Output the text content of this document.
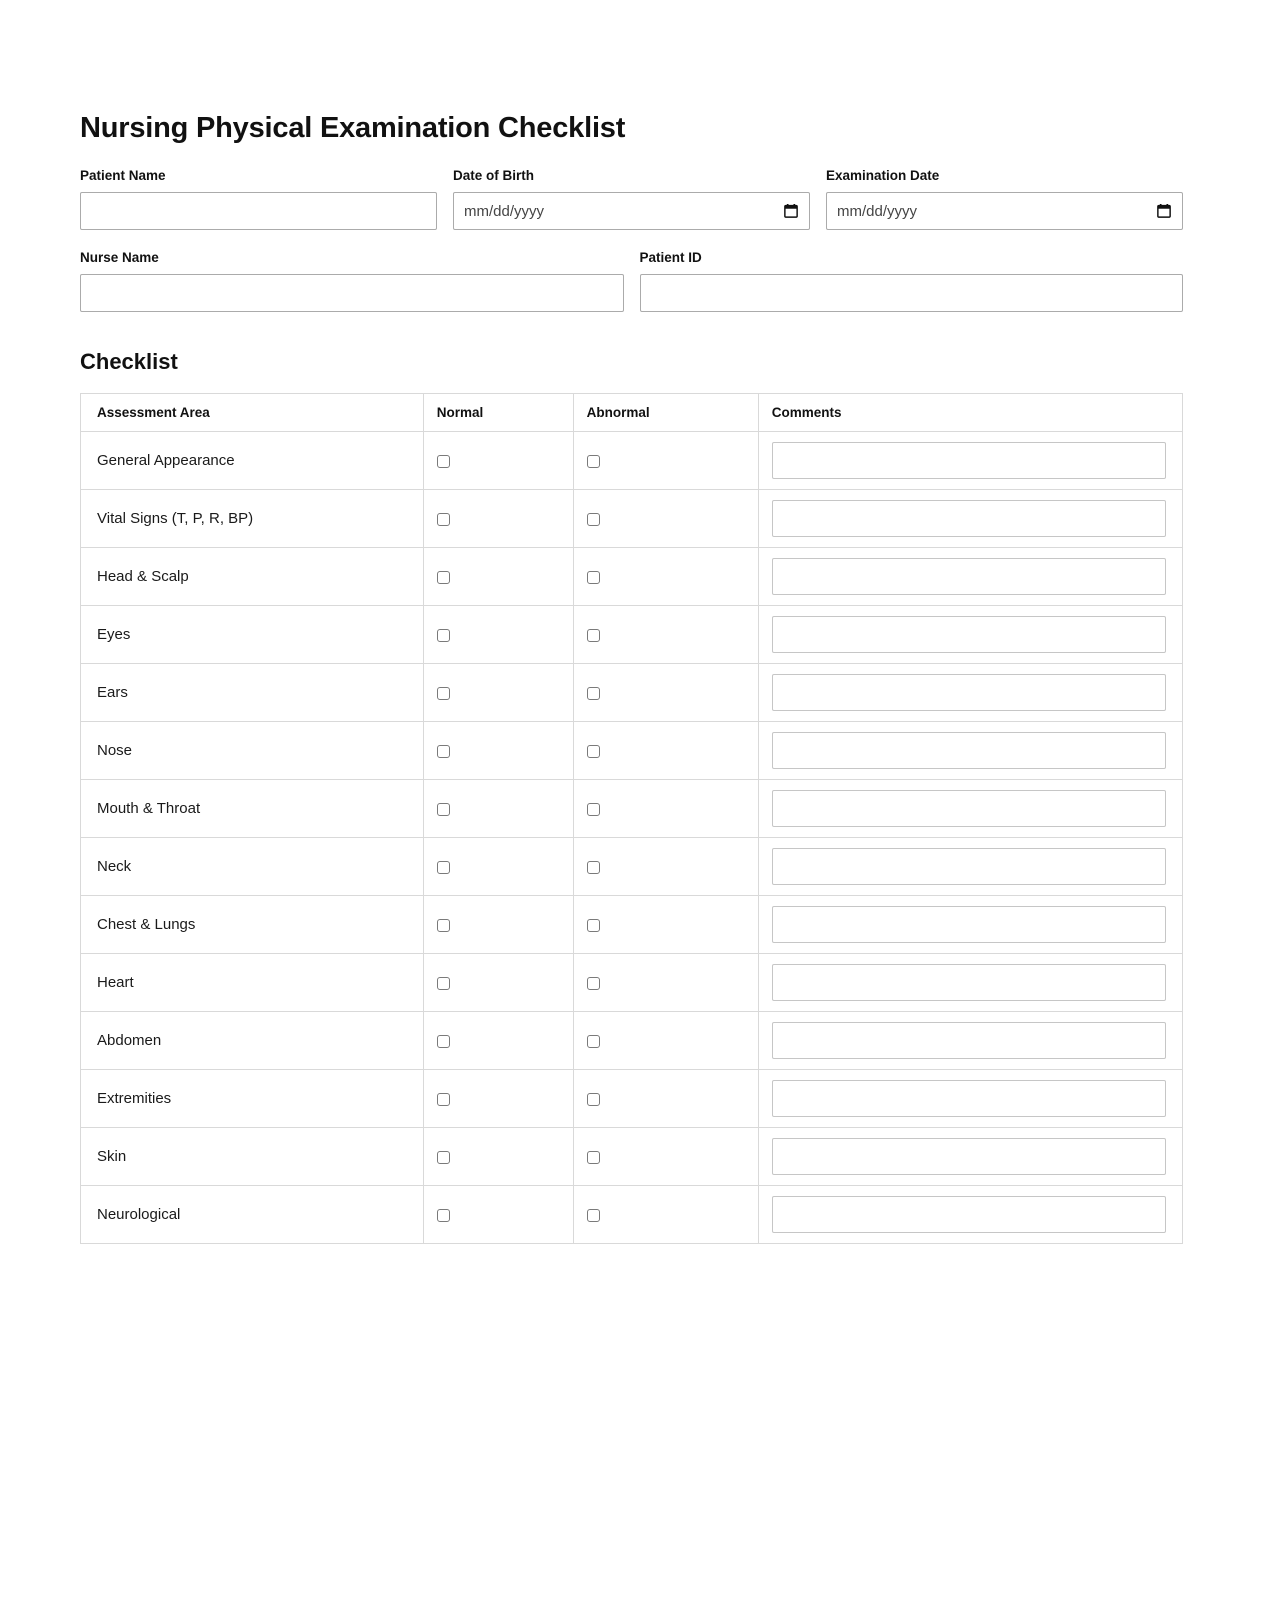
Nursing Physical Examination Checklist
Patient Name	Date of Birth
mm/dd/yyyy	Examination Date
mm/dd/yyyy
Nurse Name	Patient ID
Checklist
Assessment Area	Normal	Abnormal	Comments
General Appearance			
Vital Signs (T, P, R, BP)			
Head & Scalp			
Eyes			
Ears			
Nose			
Mouth & Throat			
Neck			
Chest & Lungs			
Heart			
Abdomen			
Extremities			
Skin			
Neurological			
